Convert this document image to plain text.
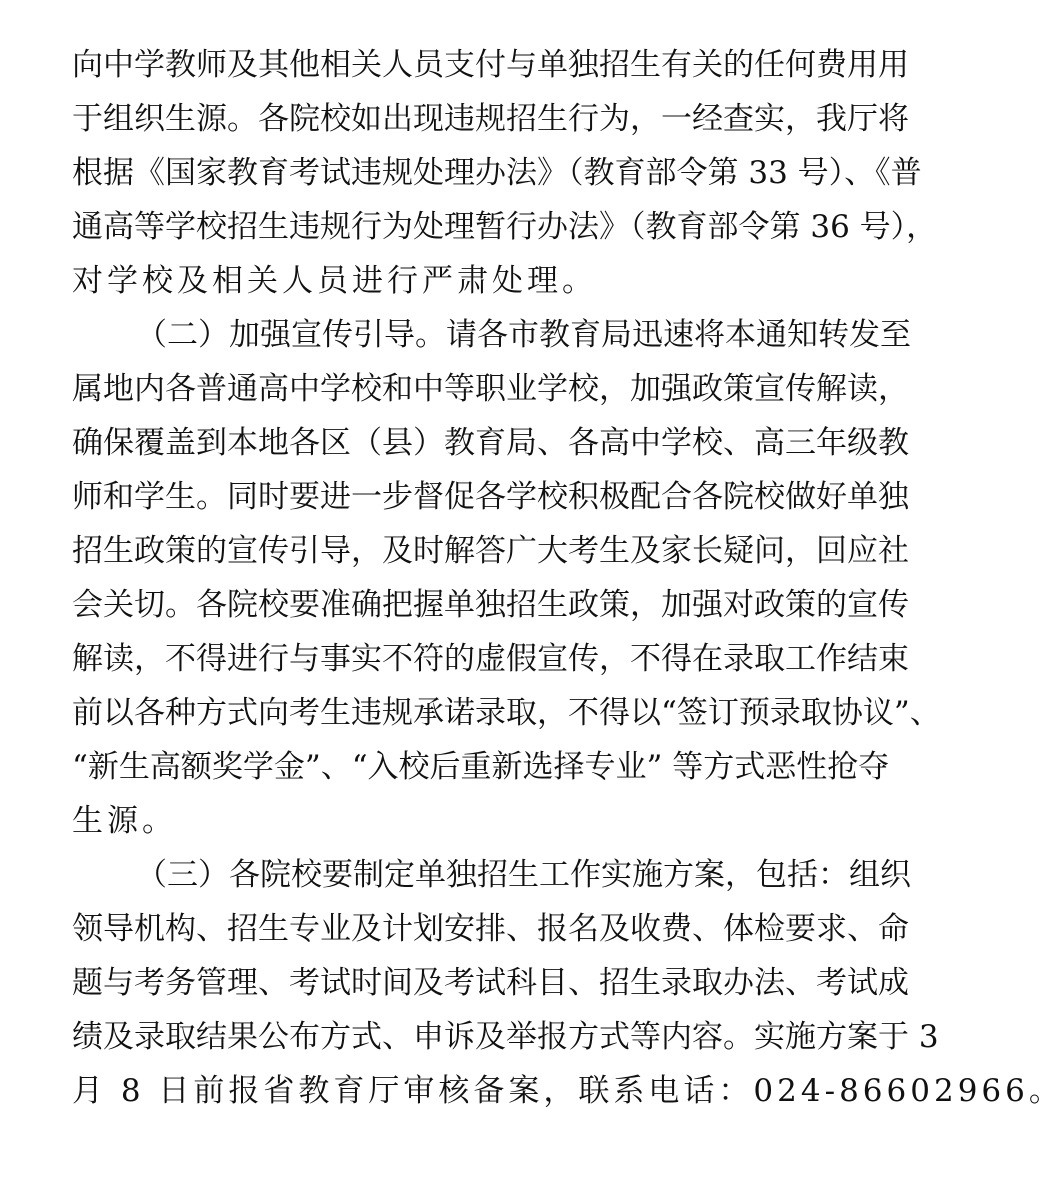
向中学教师及其他相关人员支付与单独招生有关的任何费用用
于组织生源。各院校如出现违规招生行为，一经查实，我厅将
根据《国家教育考试违规处理办法》（教育部令第 33 号）、《普
通高等学校招生违规行为处理暂行办法》（教育部令第 36 号），
对学校及相关人员进行严肃处理。
（二）加强宣传引导。请各市教育局迅速将本通知转发至
属地内各普通高中学校和中等职业学校，加强政策宣传解读，
确保覆盖到本地各区（县）教育局、各高中学校、高三年级教
师和学生。同时要进一步督促各学校积极配合各院校做好单独
招生政策的宣传引导，及时解答广大考生及家长疑问，回应社
会关切。各院校要准确把握单独招生政策，加强对政策的宣传
解读，不得进行与事实不符的虚假宣传，不得在录取工作结束
前以各种方式向考生违规承诺录取，不得以“签订预录取协议”、
“新生高额奖学金”、“入校后重新选择专业” 等方式恶性抢夺
生源。
（三）各院校要制定单独招生工作实施方案，包括：组织
领导机构、招生专业及计划安排、报名及收费、体检要求、命
题与考务管理、考试时间及考试科目、招生录取办法、考试成
绩及录取结果公布方式、申诉及举报方式等内容。实施方案于 3
月 8 日前报省教育厅审核备案，联系电话：024-86602966。
